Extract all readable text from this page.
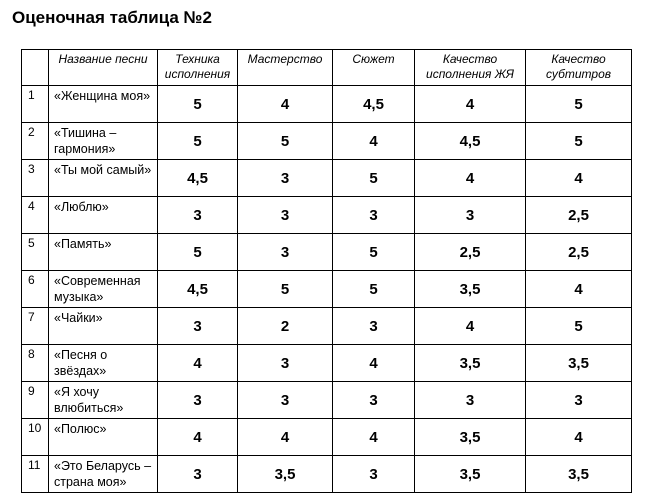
Оценочная таблица №2
	Название песни	Техника исполнения	Мастерство	Сюжет	Качество исполнения ЖЯ	Качество субтитров
1	«Женщина моя»	5	4	4,5	4	5
2	«Тишина – гармония»	5	5	4	4,5	5
3	«Ты мой самый»	4,5	3	5	4	4
4	«Люблю»	3	3	3	3	2,5
5	«Память»	5	3	5	2,5	2,5
6	«Современная музыка»	4,5	5	5	3,5	4
7	«Чайки»	3	2	3	4	5
8	«Песня о звёздах»	4	3	4	3,5	3,5
9	«Я хочу влюбиться»	3	3	3	3	3
10	«Полюс»	4	4	4	3,5	4
11	«Это Беларусь – страна моя»	3	3,5	3	3,5	3,5
